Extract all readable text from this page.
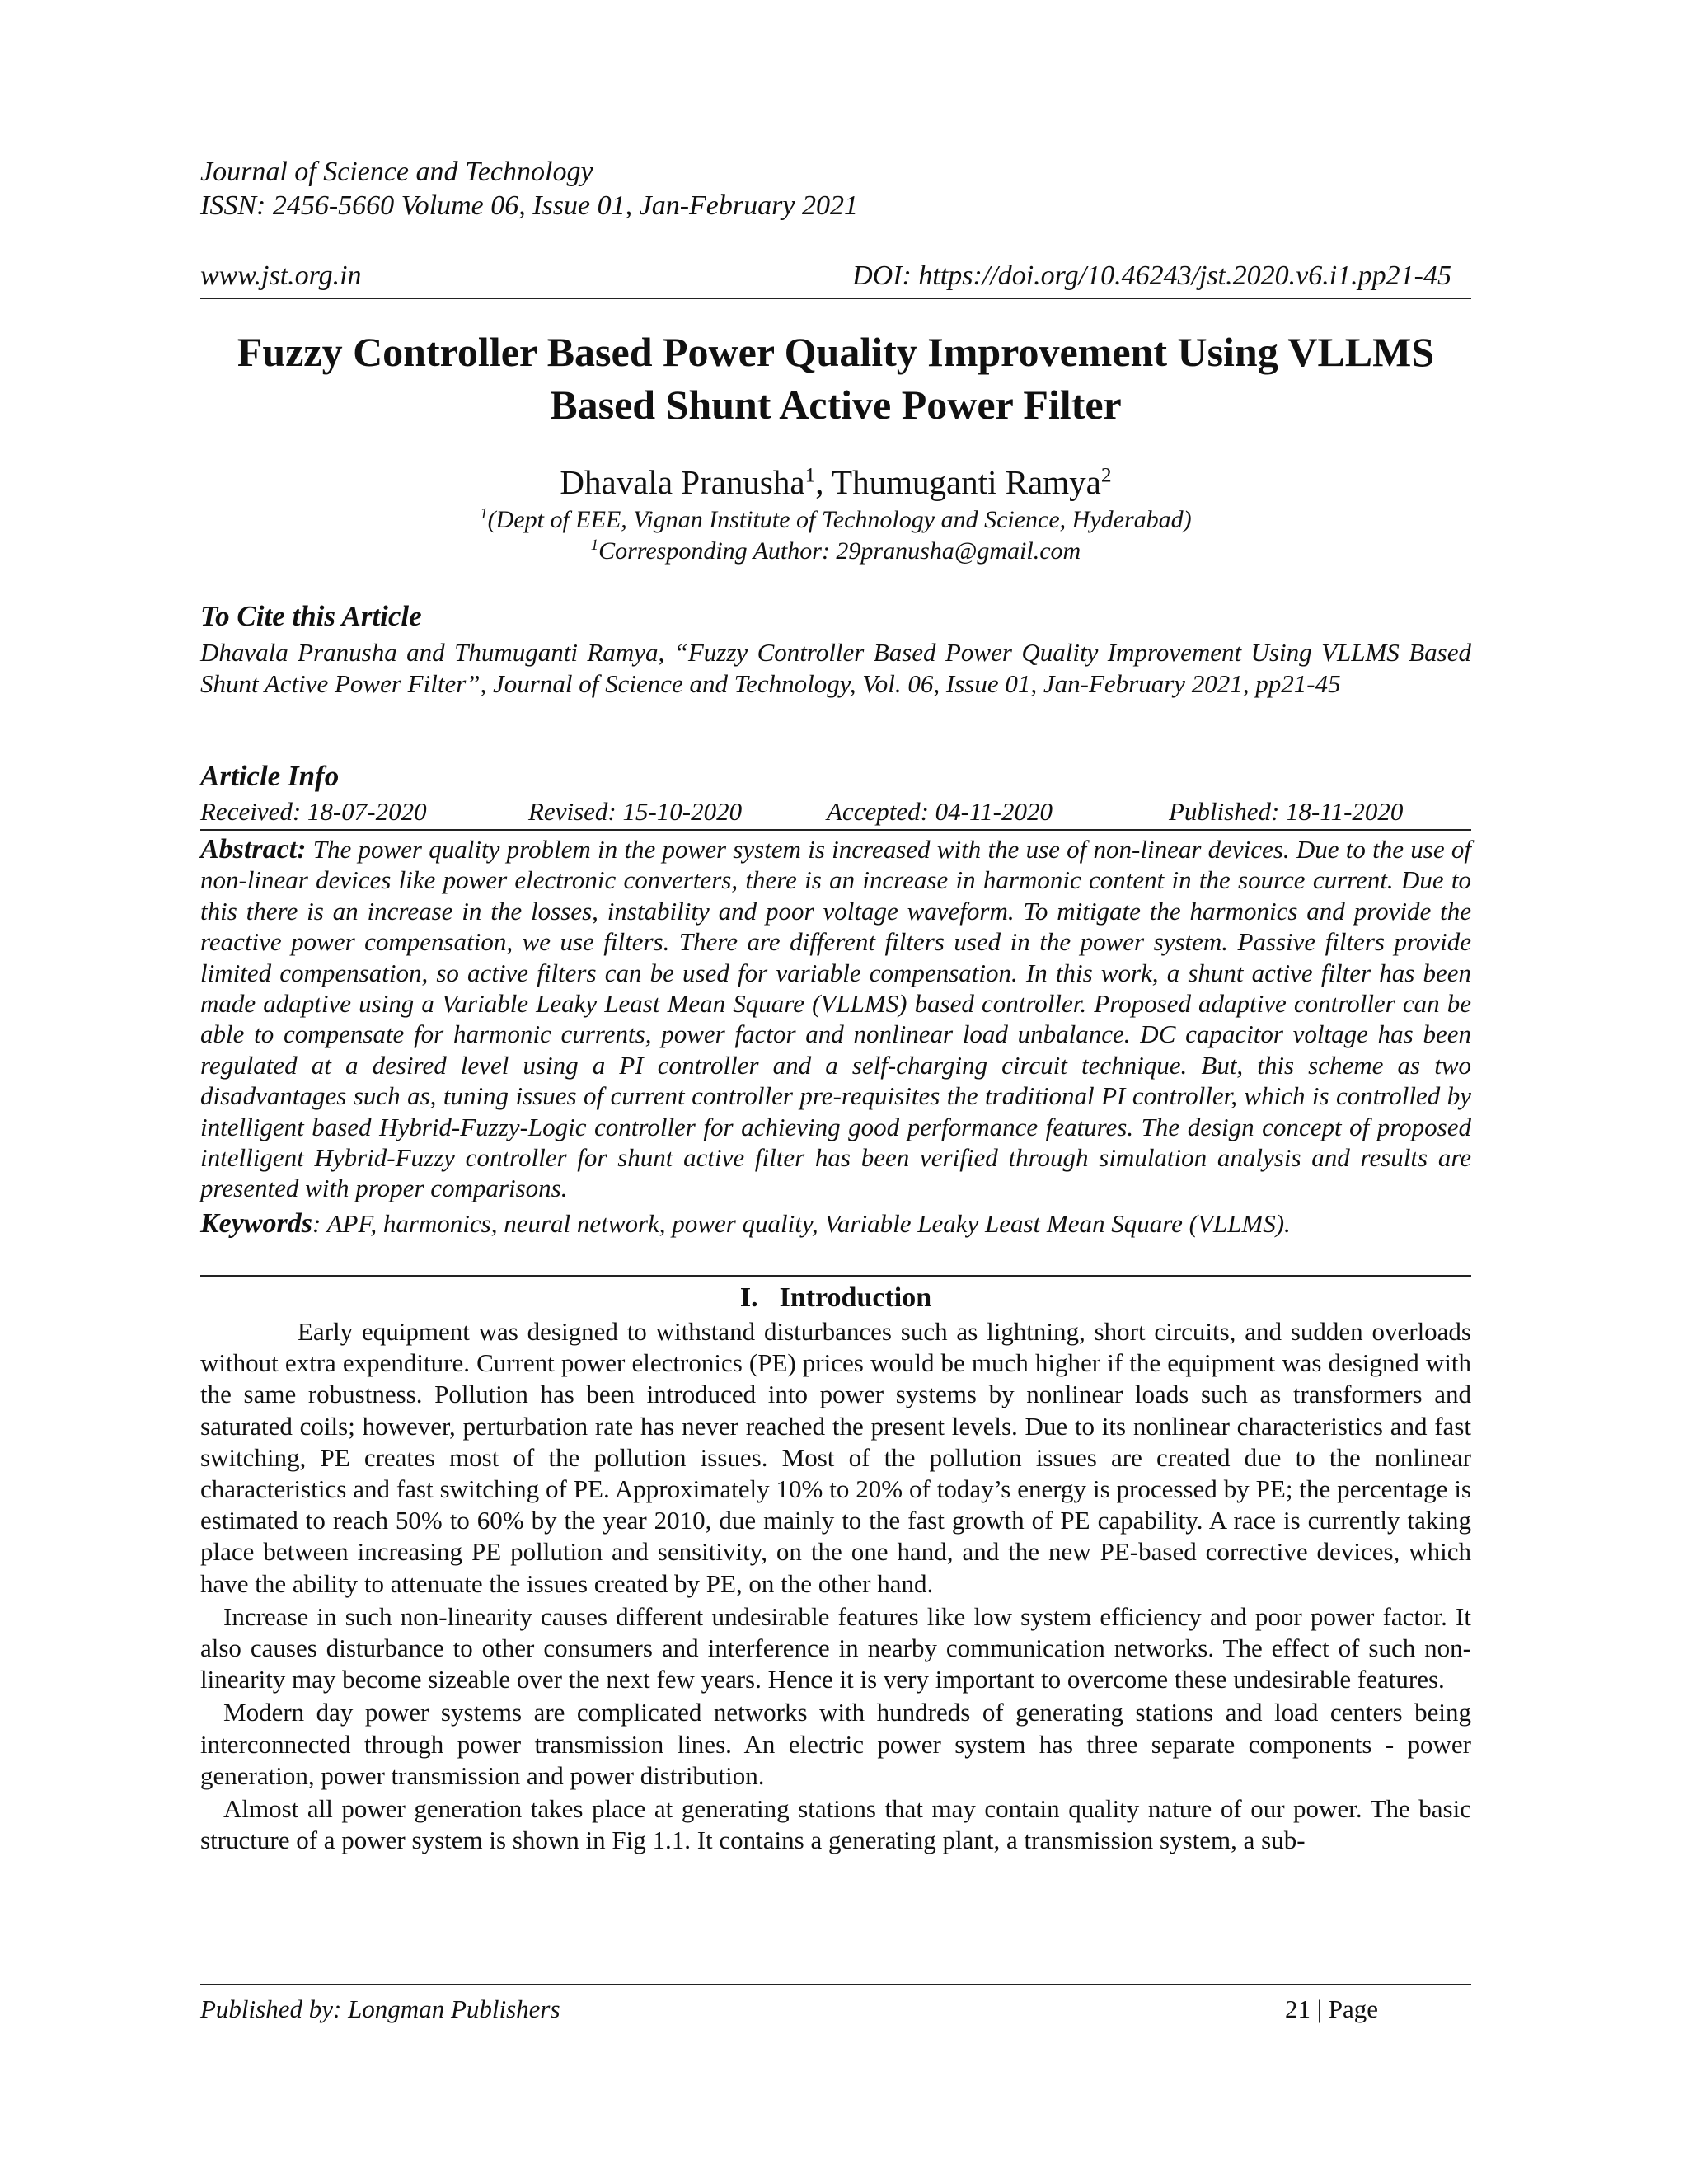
Journal of Science and Technology
ISSN: 2456-5660 Volume 06, Issue 01, Jan-February 2021
www.jst.org.in	DOI: https://doi.org/10.46243/jst.2020.v6.i1.pp21-45
Fuzzy Controller Based Power Quality Improvement Using VLLMS
Based Shunt Active Power Filter
Dhavala Pranusha$^1$, Thumuganti Ramya$^2$
$^1$(Dept of EEE, Vignan Institute of Technology and Science, Hyderabad)
$^1$Corresponding Author: 29pranusha@gmail.com
To Cite this Article
Dhavala Pranusha and Thumuganti Ramya, “Fuzzy Controller Based Power Quality Improvement Using VLLMS Based Shunt Active Power Filter”, Journal of Science and Technology, Vol. 06, Issue 01, Jan-February 2021, pp21-45
Article Info
Received: 18-07-2020	Revised: 15-10-2020	Accepted: 04-11-2020	Published: 18-11-2020
Abstract: The power quality problem in the power system is increased with the use of non-linear devices. Due to the use of non-linear devices like power electronic converters, there is an increase in harmonic content in the source current. Due to this there is an increase in the losses, instability and poor voltage waveform. To mitigate the harmonics and provide the reactive power compensation, we use filters. There are different filters used in the power system. Passive filters provide limited compensation, so active filters can be used for variable compensation. In this work, a shunt active filter has been made adaptive using a Variable Leaky Least Mean Square (VLLMS) based controller. Proposed adaptive controller can be able to compensate for harmonic currents, power factor and nonlinear load unbalance. DC capacitor voltage has been regulated at a desired level using a PI controller and a self-charging circuit technique. But, this scheme as two disadvantages such as, tuning issues of current controller pre-requisites the traditional PI controller, which is controlled by intelligent based Hybrid-Fuzzy-Logic controller for achieving good performance features. The design concept of proposed intelligent Hybrid-Fuzzy controller for shunt active filter has been verified through simulation analysis and results are presented with proper comparisons.
Keywords: APF, harmonics, neural network, power quality, Variable Leaky Least Mean Square (VLLMS).
I. Introduction

Early equipment was designed to withstand disturbances such as lightning, short circuits, and sudden overloads without extra expenditure. Current power electronics (PE) prices would be much higher if the equipment was designed with the same robustness. Pollution has been introduced into power systems by nonlinear loads such as transformers and saturated coils; however, perturbation rate has never reached the present levels. Due to its nonlinear characteristics and fast switching, PE creates most of the pollution issues. Most of the pollution issues are created due to the nonlinear characteristics and fast switching of PE. Approximately 10% to 20% of today’s energy is processed by PE; the percentage is estimated to reach 50% to 60% by the year 2010, due mainly to the fast growth of PE capability. A race is currently taking place between increasing PE pollution and sensitivity, on the one hand, and the new PE-based corrective devices, which have the ability to attenuate the issues created by PE, on the other hand.

Increase in such non-linearity causes different undesirable features like low system efficiency and poor power factor. It also causes disturbance to other consumers and interference in nearby communication networks. The effect of such non-linearity may become sizeable over the next few years. Hence it is very important to overcome these undesirable features.

Modern day power systems are complicated networks with hundreds of generating stations and load centers being interconnected through power transmission lines. An electric power system has three separate components - power generation, power transmission and power distribution.

Almost all power generation takes place at generating stations that may contain quality nature of our power. The basic structure of a power system is shown in Fig 1.1. It contains a generating plant, a transmission system, a sub-

Published by: Longman Publishers	21 | Page
